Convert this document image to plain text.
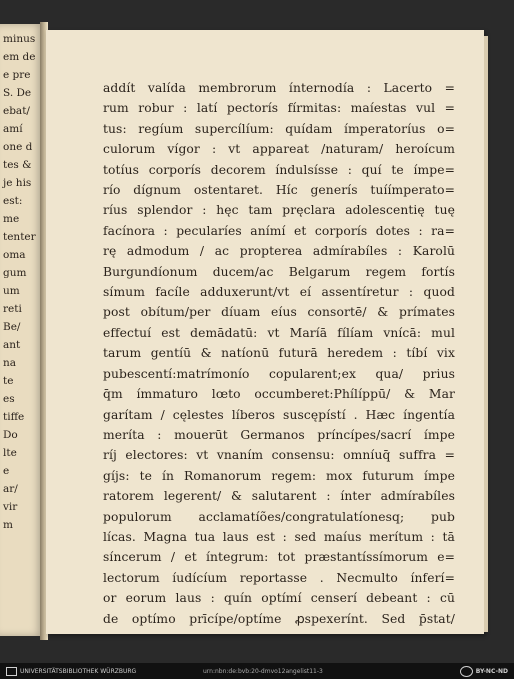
minus
em de
e pre
S. De
ebat/
amí
one d
tes &
je his
est:
me
tenter
oma
gum
um
reti
Be/
ant
na
te
es
tiffe
Do
lte
e
ar/
vir
m
addít valída membrorum ínternodía : Lacerto =
rum robur : latí pectorís fírmitas: maíestas vul =
tus: regíum supercílíum: quídam ímperatoríus o=
culorum vígor : vt appareat /naturam/ heroícum
totíus corporís decorem índulsísse : quí te ímpe=
río dígnum ostentaret. Híc generís tuíímperato=
ríus splendor : hęc tam pręclara adolescentię tuę
facínora : pecularíes anímí et corporís dotes : ra=
rę admodum / ac propterea admírabíles : Karolū
Burgundíonum ducem/ac Belgarum regem fortís
símum facíle adduxerunt/vt eí assentíretur : quod
post obítum/per díuam eíus consortē/ & prímates
effectuí est demādatū: vt Maríā fílíam vnícā: mul
tarum gentíū & natíonū futurā heredem : tíbí vix
pubescentí:matrímonío copularent;ex qua/ prius
q̄m ímmaturo lœto occumberet:Phílíppū/ & Mar
garítam / cęlestes líberos suscępístí . Hæc íngentía
meríta : mouerūt Germanos príncípes/sacrí ímpe
ríj electores: vt vnaním consensu: omníuq̄ suffra =
gíjs: te ín Romanorum regem: mox futurum ímpe
ratorem legerent/ & salutarent : ínter admírabíles
populorum acclamatíões/congratulatíonesq; pub
lícas. Magna tua laus est : sed maíus merítum : tā
síncerum / et íntegrum: tot præstantíssímorum e=
lectorum íudícíum reportasse . Necmulto ínferí=
or eorum laus : quín optímí censerí debeant : cū
de optímo prīcípe/optíme ꝓspexerínt. Sed p̄stat/
UNIVERSITÄTSBIBLIOTHEK WÜRZBURG	urn:nbn:de:bvb:20-dmvo12angelist11-3	BY-NC-ND
